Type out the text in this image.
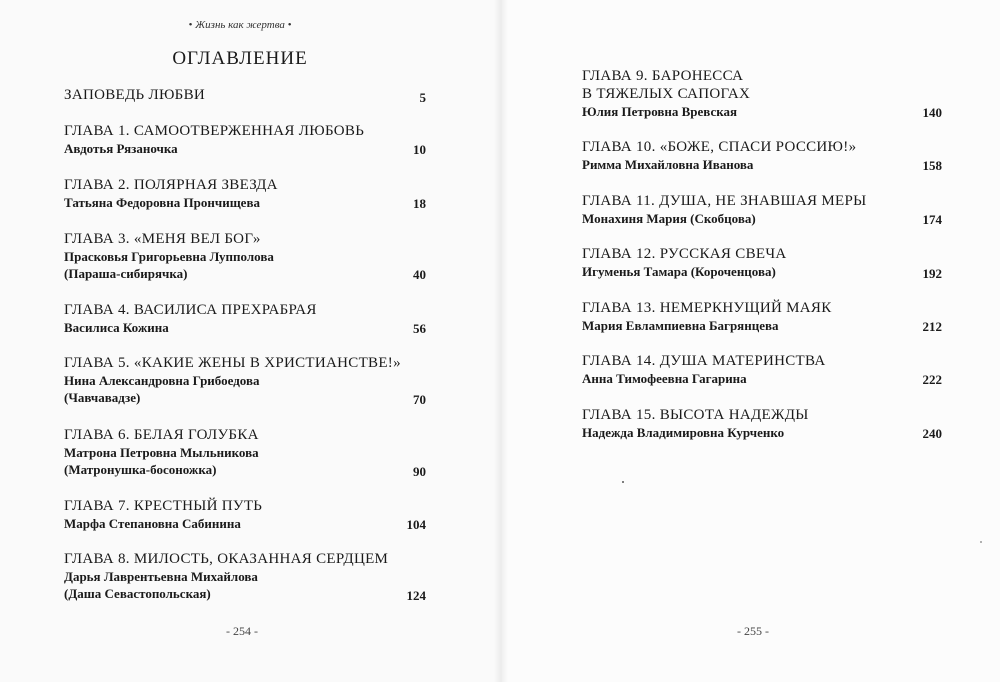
• Жизнь как жертва •
ОГЛАВЛЕНИЕ
ЗАПОВЕДЬ ЛЮБВИ	5
ГЛАВА 1. САМООТВЕРЖЕННАЯ ЛЮБОВЬ
Авдотья Рязаночка	10
ГЛАВА 2. ПОЛЯРНАЯ ЗВЕЗДА
Татьяна Федоровна Прончищева	18
ГЛАВА 3. «МЕНЯ ВЕЛ БОГ»
Прасковья Григорьевна Лупполова
(Параша-сибирячка)	40
ГЛАВА 4. ВАСИЛИСА ПРЕХРАБРАЯ
Василиса Кожина	56
ГЛАВА 5. «КАКИЕ ЖЕНЫ В ХРИСТИАНСТВЕ!»
Нина Александровна Грибоедова
(Чавчавадзе)	70
ГЛАВА 6. БЕЛАЯ ГОЛУБКА
Матрона Петровна Мыльникова
(Матронушка-босоножка)	90
ГЛАВА 7. КРЕСТНЫЙ ПУТЬ
Марфа Степановна Сабинина	104
ГЛАВА 8. МИЛОСТЬ, ОКАЗАННАЯ СЕРДЦЕМ
Дарья Лаврентьевна Михайлова
(Даша Севастопольская)	124
ГЛАВА 9. БАРОНЕССА
В ТЯЖЕЛЫХ САПОГАХ
Юлия Петровна Вревская	140
ГЛАВА 10. «БОЖЕ, СПАСИ РОССИЮ!»
Римма Михайловна Иванова	158
ГЛАВА 11. ДУША, НЕ ЗНАВШАЯ МЕРЫ
Монахиня Мария (Скобцова)	174
ГЛАВА 12. РУССКАЯ СВЕЧА
Игуменья Тамара (Короченцова)	192
ГЛАВА 13. НЕМЕРКНУЩИЙ МАЯК
Мария Евлампиевна Багрянцева	212
ГЛАВА 14. ДУША МАТЕРИНСТВА
Анна Тимофеевна Гагарина	222
ГЛАВА 15. ВЫСОТА НАДЕЖДЫ
Надежда Владимировна Курченко	240
- 254 -	- 255 -
